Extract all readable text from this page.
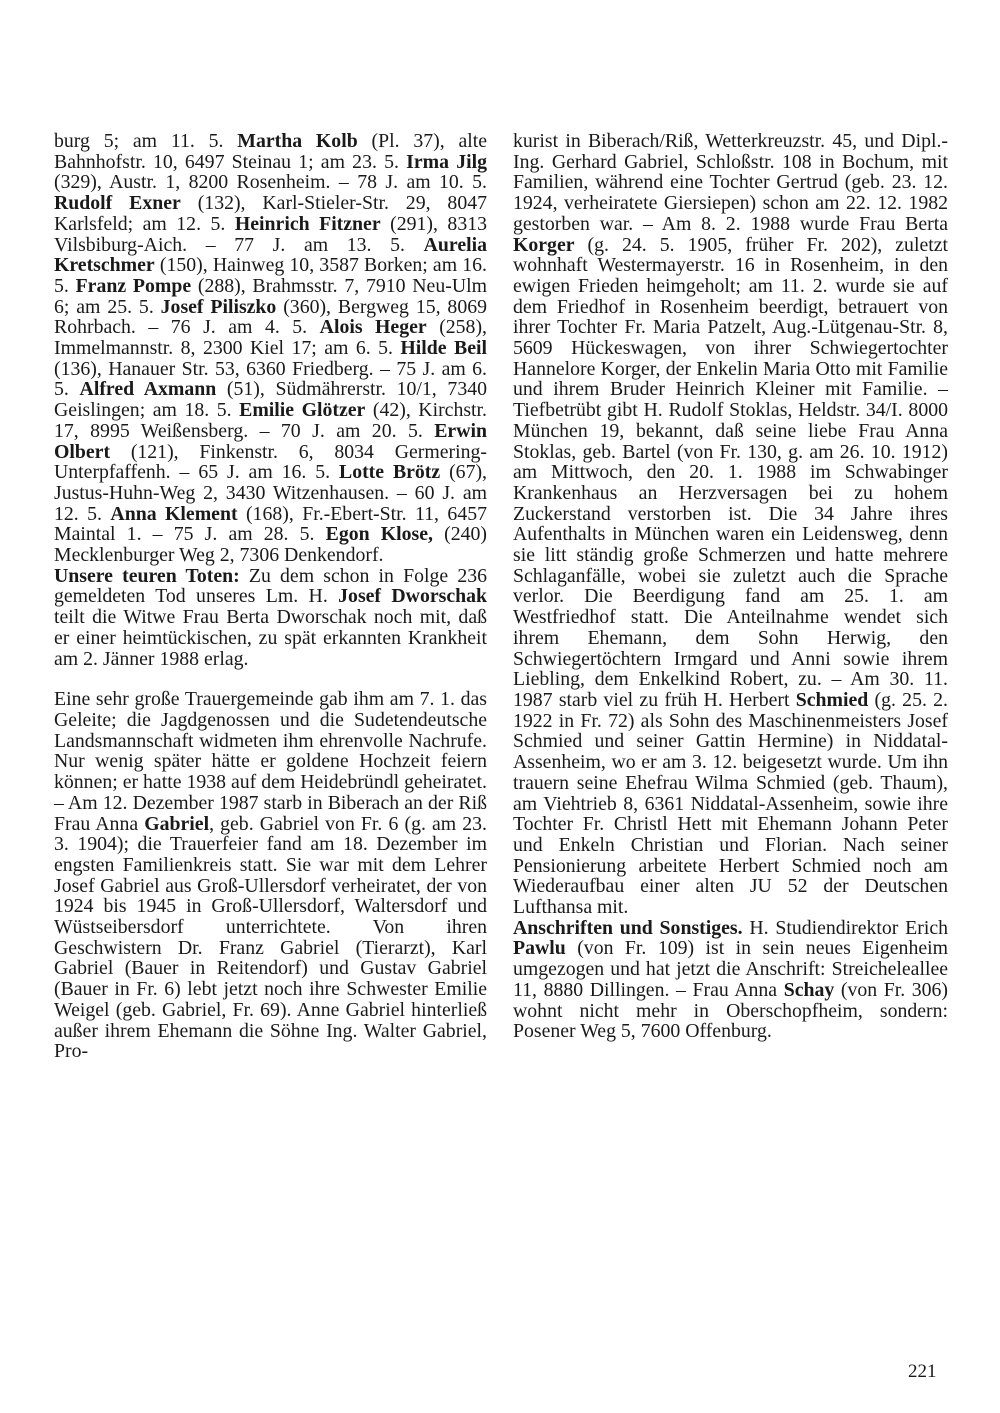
burg 5; am 11. 5. Martha Kolb (Pl. 37), alte Bahnhofstr. 10, 6497 Steinau 1; am 23. 5. Irma Jilg (329), Austr. 1, 8200 Rosenheim. – 78 J. am 10. 5. Rudolf Exner (132), Karl-Stieler-Str. 29, 8047 Karlsfeld; am 12. 5. Heinrich Fitzner (291), 8313 Vilsbiburg-Aich. – 77 J. am 13. 5. Aurelia Kretschmer (150), Hainweg 10, 3587 Borken; am 16. 5. Franz Pompe (288), Brahmsstr. 7, 7910 Neu-Ulm 6; am 25. 5. Josef Piliszko (360), Bergweg 15, 8069 Rohrbach. – 76 J. am 4. 5. Alois Heger (258), Immelmannstr. 8, 2300 Kiel 17; am 6. 5. Hilde Beil (136), Hanauer Str. 53, 6360 Friedberg. – 75 J. am 6. 5. Alfred Axmann (51), Südmährerstr. 10/1, 7340 Geislingen; am 18. 5. Emilie Glötzer (42), Kirchstr. 17, 8995 Weißensberg. – 70 J. am 20. 5. Erwin Olbert (121), Finkenstr. 6, 8034 Germering-Unterpfaffenh. – 65 J. am 16. 5. Lotte Brötz (67), Justus-Huhn-Weg 2, 3430 Witzenhausen. – 60 J. am 12. 5. Anna Klement (168), Fr.-Ebert-Str. 11, 6457 Maintal 1. – 75 J. am 28. 5. Egon Klose, (240) Mecklenburger Weg 2, 7306 Denkendorf.

Unsere teuren Toten: Zu dem schon in Folge 236 gemeldeten Tod unseres Lm. H. Josef Dworschak teilt die Witwe Frau Berta Dworschak noch mit, daß er einer heimtückischen, zu spät erkannten Krankheit am 2. Jänner 1988 erlag.

Eine sehr große Trauergemeinde gab ihm am 7. 1. das Geleite; die Jagdgenossen und die Sudetendeutsche Landsmannschaft widmeten ihm ehrenvolle Nachrufe. Nur wenig später hätte er goldene Hochzeit feiern können; er hatte 1938 auf dem Heidebründl geheiratet. – Am 12. Dezember 1987 starb in Biberach an der Riß Frau Anna Gabriel, geb. Gabriel von Fr. 6 (g. am 23. 3. 1904); die Trauerfeier fand am 18. Dezember im engsten Familienkreis statt. Sie war mit dem Lehrer Josef Gabriel aus Groß-Ullersdorf verheiratet, der von 1924 bis 1945 in Groß-Ullersdorf, Waltersdorf und Wüstseibersdorf unterrichtete. Von ihren Geschwistern Dr. Franz Gabriel (Tierarzt), Karl Gabriel (Bauer in Reitendorf) und Gustav Gabriel (Bauer in Fr. 6) lebt jetzt noch ihre Schwester Emilie Weigel (geb. Gabriel, Fr. 69). Anne Gabriel hinterließ außer ihrem Ehemann die Söhne Ing. Walter Gabriel, Pro-

kurist in Biberach/Riß, Wetterkreuzstr. 45, und Dipl.-Ing. Gerhard Gabriel, Schloßstr. 108 in Bochum, mit Familien, während eine Tochter Gertrud (geb. 23. 12. 1924, verheiratete Giersiepen) schon am 22. 12. 1982 gestorben war. – Am 8. 2. 1988 wurde Frau Berta Korger (g. 24. 5. 1905, früher Fr. 202), zuletzt wohnhaft Westermayerstr. 16 in Rosenheim, in den ewigen Frieden heimgeholt; am 11. 2. wurde sie auf dem Friedhof in Rosenheim beerdigt, betrauert von ihrer Tochter Fr. Maria Patzelt, Aug.-Lütgenau-Str. 8, 5609 Hückeswagen, von ihrer Schwiegertochter Hannelore Korger, der Enkelin Maria Otto mit Familie und ihrem Bruder Heinrich Kleiner mit Familie. – Tiefbetrübt gibt H. Rudolf Stoklas, Heldstr. 34/I. 8000 München 19, bekannt, daß seine liebe Frau Anna Stoklas, geb. Bartel (von Fr. 130, g. am 26. 10. 1912) am Mittwoch, den 20. 1. 1988 im Schwabinger Krankenhaus an Herzversagen bei zu hohem Zuckerstand verstorben ist. Die 34 Jahre ihres Aufenthalts in München waren ein Leidensweg, denn sie litt ständig große Schmerzen und hatte mehrere Schlaganfälle, wobei sie zuletzt auch die Sprache verlor. Die Beerdigung fand am 25. 1. am Westfriedhof statt. Die Anteilnahme wendet sich ihrem Ehemann, dem Sohn Herwig, den Schwiegertöchtern Irmgard und Anni sowie ihrem Liebling, dem Enkelkind Robert, zu. – Am 30. 11. 1987 starb viel zu früh H. Herbert Schmied (g. 25. 2. 1922 in Fr. 72) als Sohn des Maschinenmeisters Josef Schmied und seiner Gattin Hermine) in Niddatal-Assenheim, wo er am 3. 12. beigesetzt wurde. Um ihn trauern seine Ehefrau Wilma Schmied (geb. Thaum), am Viehtrieb 8, 6361 Niddatal-Assenheim, sowie ihre Tochter Fr. Christl Hett mit Ehemann Johann Peter und Enkeln Christian und Florian. Nach seiner Pensionierung arbeitete Herbert Schmied noch am Wiederaufbau einer alten JU 52 der Deutschen Lufthansa mit.

Anschriften und Sonstiges. H. Studiendirektor Erich Pawlu (von Fr. 109) ist in sein neues Eigenheim umgezogen und hat jetzt die Anschrift: Streicheleallee 11, 8880 Dillingen. – Frau Anna Schay (von Fr. 306) wohnt nicht mehr in Oberschopfheim, sondern: Posener Weg 5, 7600 Offenburg.

221
